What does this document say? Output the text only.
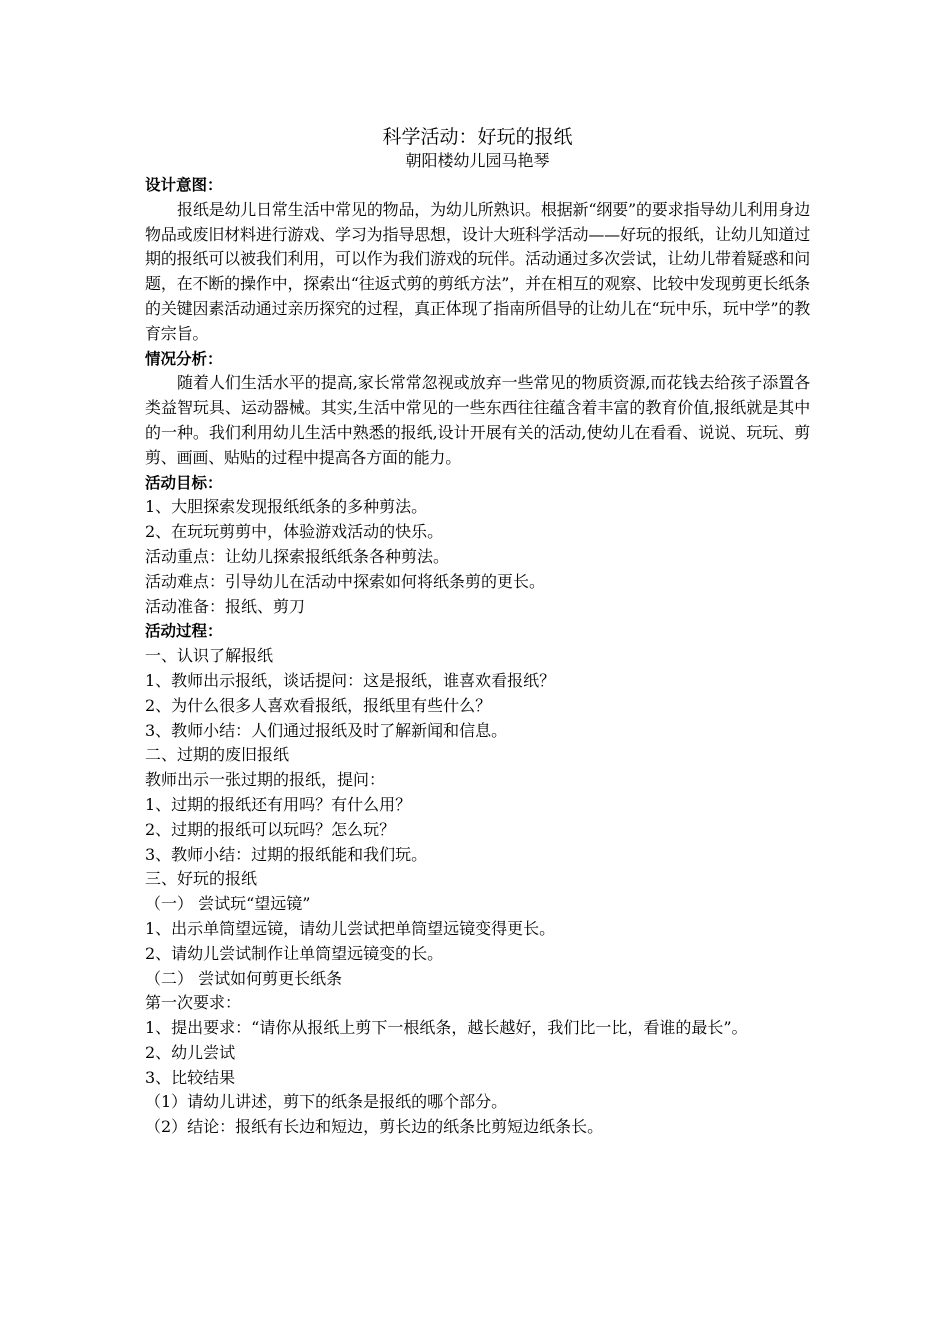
科学活动：好玩的报纸

朝阳楼幼儿园马艳琴

设计意图：

报纸是幼儿日常生活中常见的物品，为幼儿所熟识。根据新“纲要”的要求指导幼儿利用身边物品或废旧材料进行游戏、学习为指导思想，设计大班科学活动——好玩的报纸，让幼儿知道过期的报纸可以被我们利用，可以作为我们游戏的玩伴。活动通过多次尝试，让幼儿带着疑惑和问题，在不断的操作中，探索出“往返式剪的剪纸方法”，并在相互的观察、比较中发现剪更长纸条的关键因素活动通过亲历探究的过程，真正体现了指南所倡导的让幼儿在“玩中乐，玩中学”的教育宗旨。

情况分析：

随着人们生活水平的提高,家长常常忽视或放弃一些常见的物质资源,而花钱去给孩子添置各类益智玩具、运动器械。其实,生活中常见的一些东西往往蕴含着丰富的教育价值,报纸就是其中的一种。我们利用幼儿生活中熟悉的报纸,设计开展有关的活动,使幼儿在看看、说说、玩玩、剪剪、画画、贴贴的过程中提高各方面的能力。

活动目标：

1、大胆探索发现报纸纸条的多种剪法。

2、在玩玩剪剪中，体验游戏活动的快乐。

活动重点：让幼儿探索报纸纸条各种剪法。

活动难点：引导幼儿在活动中探索如何将纸条剪的更长。

活动准备：报纸、剪刀

活动过程：

一、认识了解报纸

1、教师出示报纸，谈话提问：这是报纸，谁喜欢看报纸？

2、为什么很多人喜欢看报纸，报纸里有些什么？

3、教师小结：人们通过报纸及时了解新闻和信息。

二、过期的废旧报纸

教师出示一张过期的报纸，提问：

1、过期的报纸还有用吗？有什么用？

2、过期的报纸可以玩吗？怎么玩？

3、教师小结：过期的报纸能和我们玩。

三、好玩的报纸

（一） 尝试玩“望远镜”

1、出示单筒望远镜，请幼儿尝试把单筒望远镜变得更长。

2、请幼儿尝试制作让单筒望远镜变的长。

（二） 尝试如何剪更长纸条

第一次要求：

1、提出要求：“请你从报纸上剪下一根纸条，越长越好，我们比一比，看谁的最长”。

2、幼儿尝试

3、比较结果

（1）请幼儿讲述，剪下的纸条是报纸的哪个部分。

（2）结论：报纸有长边和短边，剪长边的纸条比剪短边纸条长。
